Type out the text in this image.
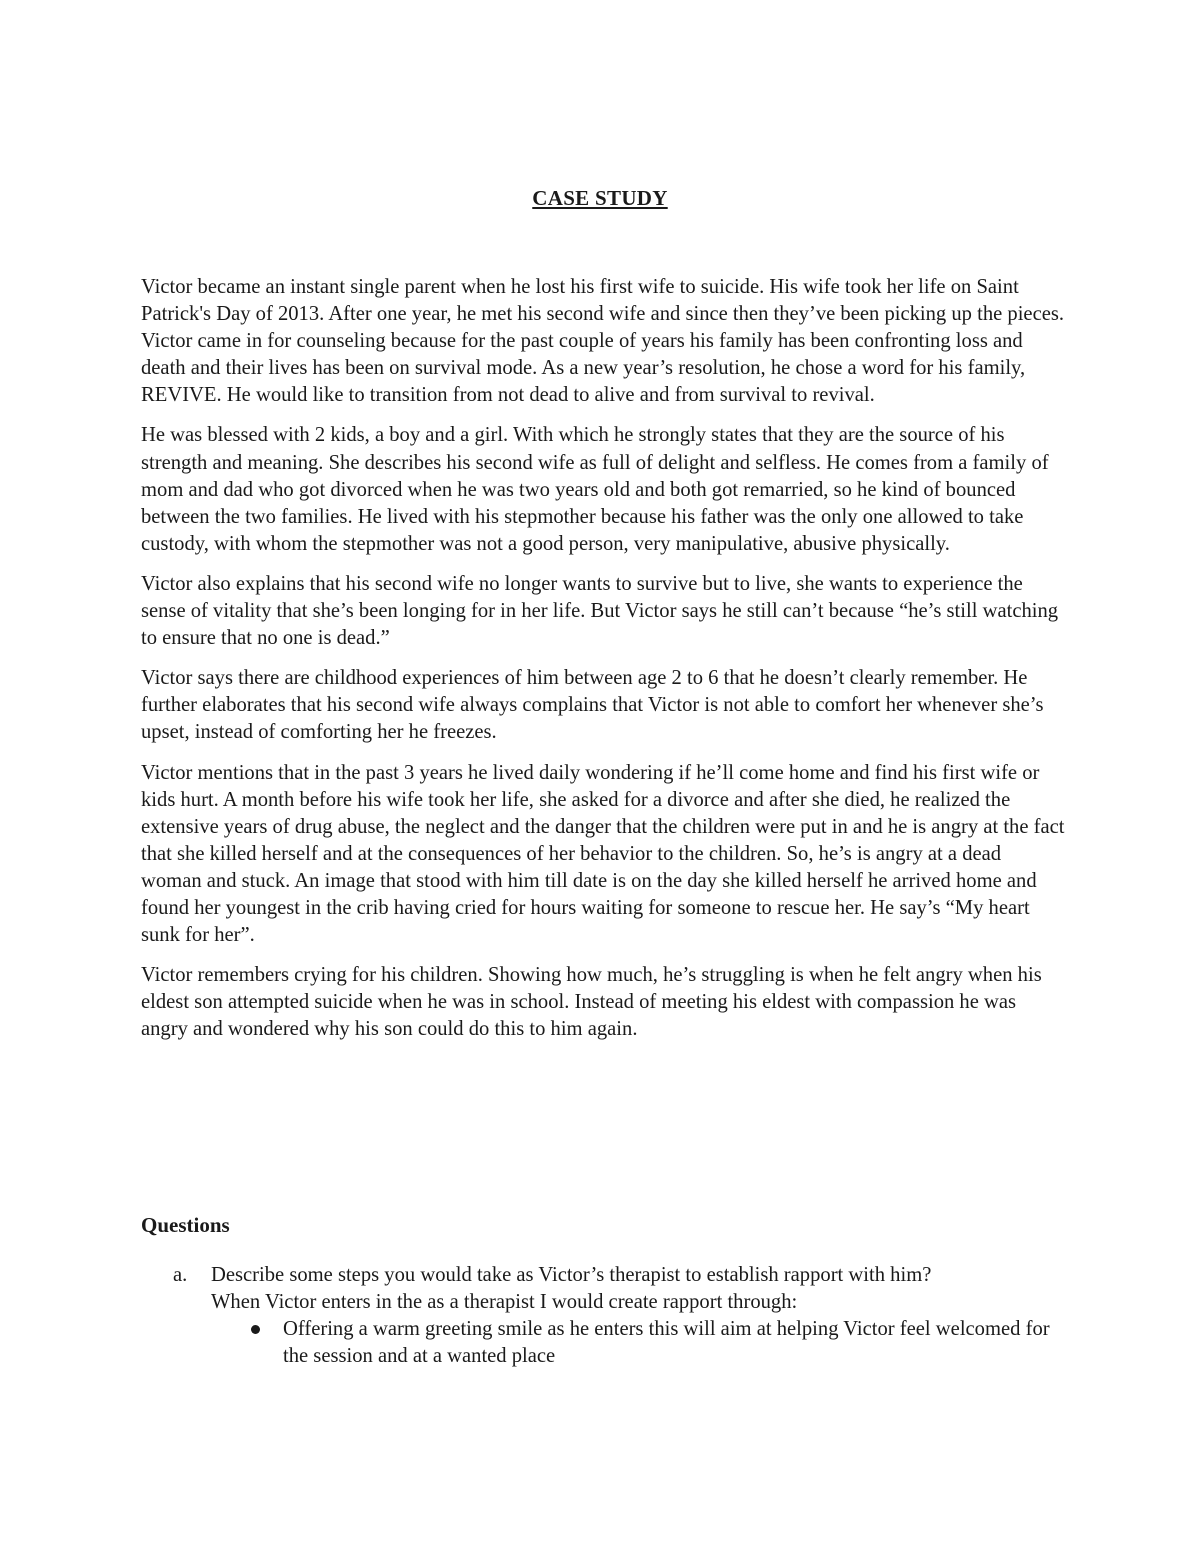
CASE STUDY

Victor became an instant single parent when he lost his first wife to suicide. His wife took her life on Saint Patrick's Day of 2013. After one year, he met his second wife and since then they’ve been picking up the pieces. Victor came in for counseling because for the past couple of years his family has been confronting loss and death and their lives has been on survival mode. As a new year’s resolution, he chose a word for his family, REVIVE. He would like to transition from not dead to alive and from survival to revival.

He was blessed with 2 kids, a boy and a girl. With which he strongly states that they are the source of his strength and meaning. She describes his second wife as full of delight and selfless. He comes from a family of mom and dad who got divorced when he was two years old and both got remarried, so he kind of bounced between the two families. He lived with his stepmother because his father was the only one allowed to take custody, with whom the stepmother was not a good person, very manipulative, abusive physically.

Victor also explains that his second wife no longer wants to survive but to live, she wants to experience the sense of vitality that she’s been longing for in her life. But Victor says he still can’t because “he’s still watching to ensure that no one is dead.”

Victor says there are childhood experiences of him between age 2 to 6 that he doesn’t clearly remember. He further elaborates that his second wife always complains that Victor is not able to comfort her whenever she’s upset, instead of comforting her he freezes.

Victor mentions that in the past 3 years he lived daily wondering if he’ll come home and find his first wife or kids hurt. A month before his wife took her life, she asked for a divorce and after she died, he realized the extensive years of drug abuse, the neglect and the danger that the children were put in and he is angry at the fact that she killed herself and at the consequences of her behavior to the children. So, he’s is angry at a dead woman and stuck. An image that stood with him till date is on the day she killed herself he arrived home and found her youngest in the crib having cried for hours waiting for someone to rescue her. He say’s “My heart sunk for her”.

Victor remembers crying for his children. Showing how much, he’s struggling is when he felt angry when his eldest son attempted suicide when he was in school. Instead of meeting his eldest with compassion he was angry and wondered why his son could do this to him again.

Questions
a. Describe some steps you would take as Victor’s therapist to establish rapport with him?
When Victor enters in the as a therapist I would create rapport through:
Offering a warm greeting smile as he enters this will aim at helping Victor feel welcomed for the session and at a wanted place
